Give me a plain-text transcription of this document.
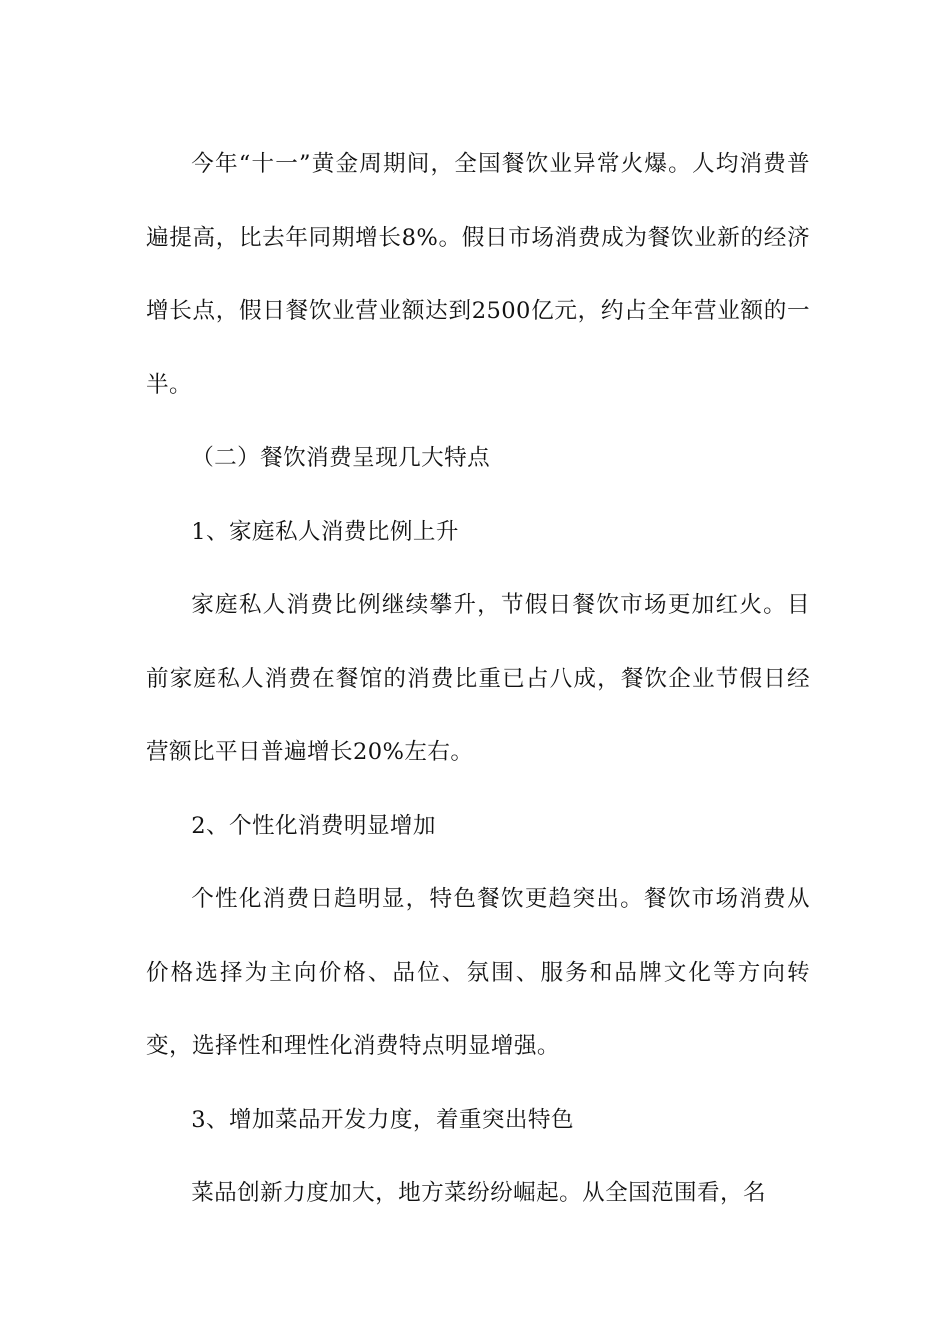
今年“十一”黄金周期间，全国餐饮业异常火爆。人均消费普遍提高，比去年同期增长8%。假日市场消费成为餐饮业新的经济增长点，假日餐饮业营业额达到2500亿元，约占全年营业额的一半。

（二）餐饮消费呈现几大特点

1、家庭私人消费比例上升

家庭私人消费比例继续攀升，节假日餐饮市场更加红火。目前家庭私人消费在餐馆的消费比重已占八成，餐饮企业节假日经营额比平日普遍增长20%左右。

2、个性化消费明显增加

个性化消费日趋明显，特色餐饮更趋突出。餐饮市场消费从价格选择为主向价格、品位、氛围、服务和品牌文化等方向转变，选择性和理性化消费特点明显增强。

3、增加菜品开发力度，着重突出特色

菜品创新力度加大，地方菜纷纷崛起。从全国范围看，名
